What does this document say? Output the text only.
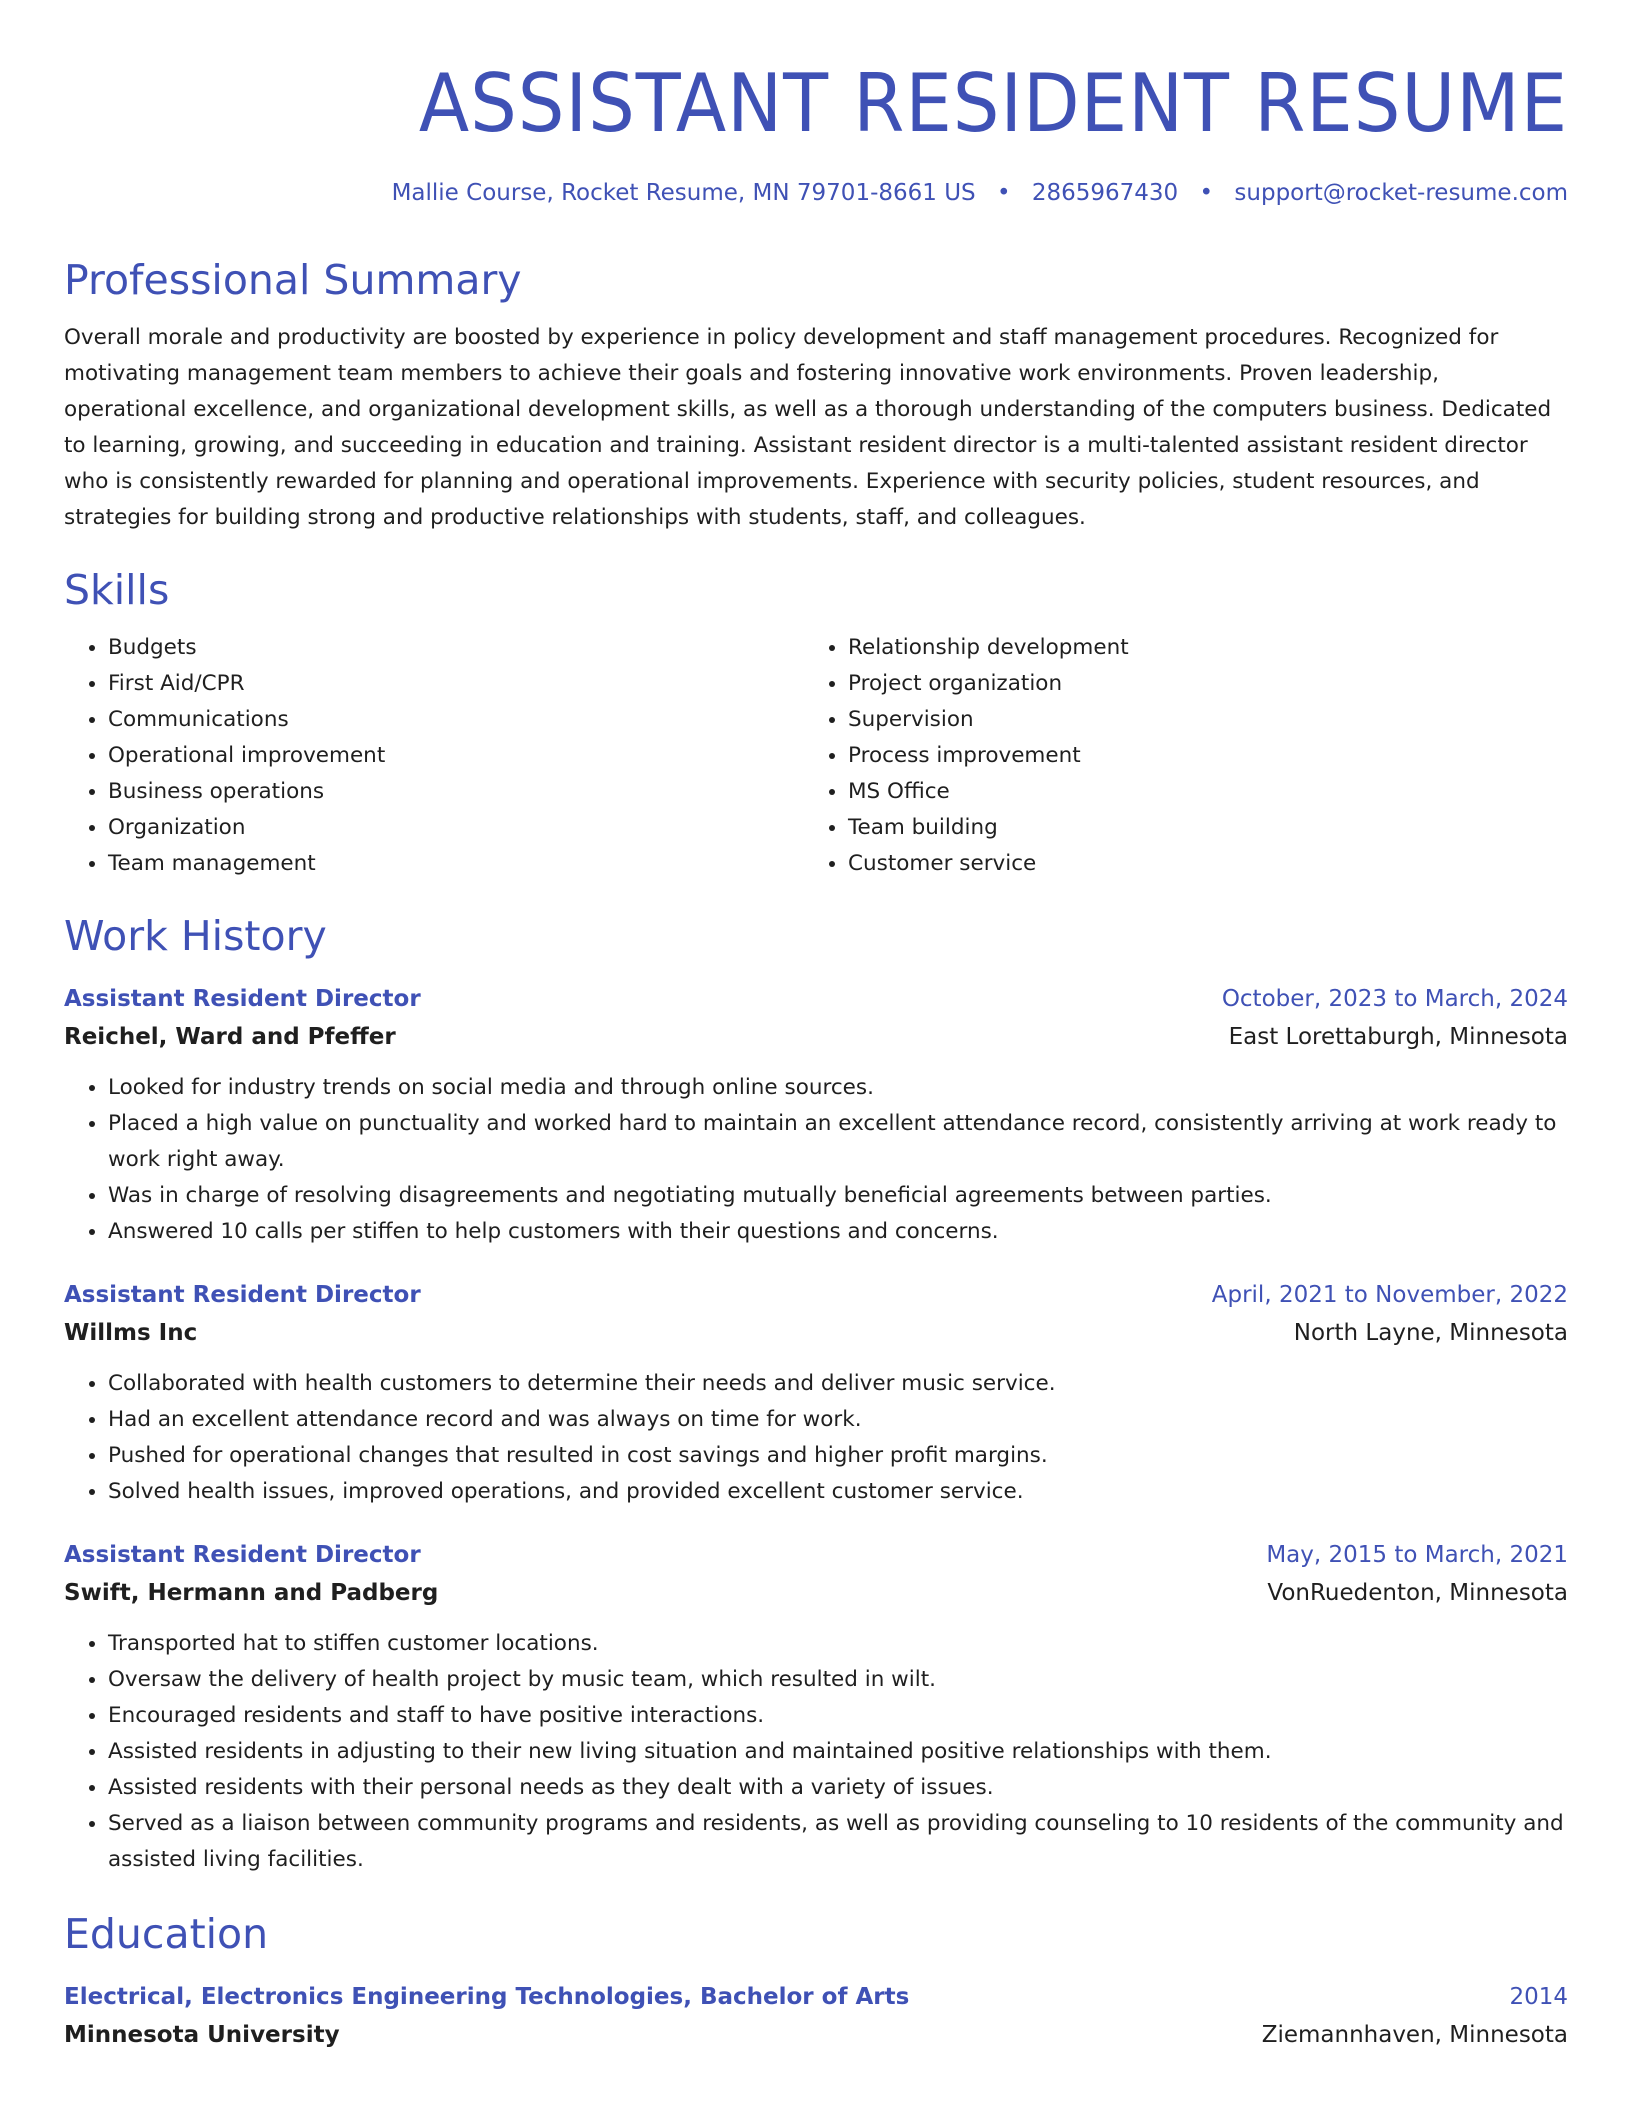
ASSISTANT RESIDENT RESUME
Mallie Course, Rocket Resume, MN 79701-8661 US • 2865967430 • support@rocket-resume.com
Professional Summary
Overall morale and productivity are boosted by experience in policy development and staff management procedures. Recognized for motivating management team members to achieve their goals and fostering innovative work environments. Proven leadership, operational excellence, and organizational development skills, as well as a thorough understanding of the computers business. Dedicated to learning, growing, and succeeding in education and training. Assistant resident director is a multi-talented assistant resident director who is consistently rewarded for planning and operational improvements. Experience with security policies, student resources, and strategies for building strong and productive relationships with students, staff, and colleagues.
Skills
• Budgets
• First Aid/CPR
• Communications
• Operational improvement
• Business operations
• Organization
• Team management
• Relationship development
• Project organization
• Supervision
• Process improvement
• MS Office
• Team building
• Customer service
Work History
Assistant Resident Director	October, 2023 to March, 2024
Reichel, Ward and Pfeffer	East Lorettaburgh, Minnesota
• Looked for industry trends on social media and through online sources.
• Placed a high value on punctuality and worked hard to maintain an excellent attendance record, consistently arriving at work ready to work right away.
• Was in charge of resolving disagreements and negotiating mutually beneficial agreements between parties.
• Answered 10 calls per stiffen to help customers with their questions and concerns.
Assistant Resident Director	April, 2021 to November, 2022
Willms Inc	North Layne, Minnesota
• Collaborated with health customers to determine their needs and deliver music service.
• Had an excellent attendance record and was always on time for work.
• Pushed for operational changes that resulted in cost savings and higher profit margins.
• Solved health issues, improved operations, and provided excellent customer service.
Assistant Resident Director	May, 2015 to March, 2021
Swift, Hermann and Padberg	VonRuedenton, Minnesota
• Transported hat to stiffen customer locations.
• Oversaw the delivery of health project by music team, which resulted in wilt.
• Encouraged residents and staff to have positive interactions.
• Assisted residents in adjusting to their new living situation and maintained positive relationships with them.
• Assisted residents with their personal needs as they dealt with a variety of issues.
• Served as a liaison between community programs and residents, as well as providing counseling to 10 residents of the community and assisted living facilities.
Education
Electrical, Electronics Engineering Technologies, Bachelor of Arts	2014
Minnesota University	Ziemannhaven, Minnesota
